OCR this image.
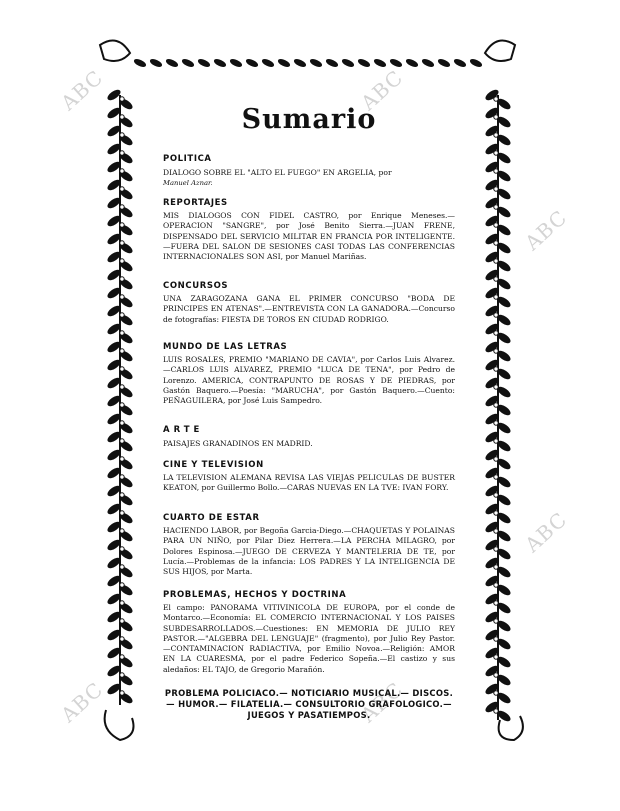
ABC	ABC
ABC
ABC
ABC	ABC
Sumario
POLITICA
DIALOGO SOBRE EL "ALTO EL FUEGO" EN ARGELIA, por
Manuel Aznar.
REPORTAJES
MIS DIALOGOS CON FIDEL CASTRO, por Enrique Meneses.—OPERACION "SANGRE", por José Benito Sierra.—JUAN FRENE, DISPENSADO DEL SERVICIO MILITAR EN FRANCIA POR INTELIGENTE.—FUERA DEL SALON DE SESIONES CASI TODAS LAS CONFERENCIAS INTERNACIONALES SON ASI, por Manuel Mariñas.
CONCURSOS
UNA ZARAGOZANA GANA EL PRIMER CONCURSO "BODA DE PRINCIPES EN ATENAS".—ENTREVISTA CON LA GANADORA.—Concurso de fotografías: FIESTA DE TOROS EN CIUDAD RODRIGO.
MUNDO DE LAS LETRAS
LUIS ROSALES, PREMIO "MARIANO DE CAVIA", por Carlos Luis Alvarez.—CARLOS LUIS ALVAREZ, PREMIO "LUCA DE TENA", por Pedro de Lorenzo. AMERICA, CONTRAPUNTO DE ROSAS Y DE PIEDRAS, por Gastón Baquero.—Poesía: "MARUCHA", por Gastón Baquero.—Cuento: PEÑAGUILERA, por José Luis Sampedro.
ARTE
PAISAJES GRANADINOS EN MADRID.
CINE Y TELEVISION
LA TELEVISION ALEMANA REVISA LAS VIEJAS PELICULAS DE BUSTER KEATON, por Guillermo Bollo.—CARAS NUEVAS EN LA TVE: IVAN FORY.
CUARTO DE ESTAR
HACIENDO LABOR, por Begoña Garcia-Diego.—CHAQUETAS Y POLAINAS PARA UN NIÑO, por Pilar Diez Herrera.—LA PERCHA MILAGRO, por Dolores Espinosa.—JUEGO DE CERVEZA Y MANTELERIA DE TE, por Lucía.—Problemas de la infancia: LOS PADRES Y LA INTELIGENCIA DE SUS HIJOS, por Marta.
PROBLEMAS, HECHOS Y DOCTRINA
El campo: PANORAMA VITIVINICOLA DE EUROPA, por el conde de Montarco.—Economía: EL COMERCIO INTERNACIONAL Y LOS PAISES SUBDESARROLLADOS.—Cuestiones: EN MEMORIA DE JULIO REY PASTOR.—"ALGEBRA DEL LENGUAJE" (fragmento), por Julio Rey Pastor.—CONTAMINACION RADIACTIVA, por Emilio Novoa.—Religión: AMOR EN LA CUARESMA, por el padre Federico Sopeña.—El castizo y sus aledaños: EL TAJO, de Gregorio Marañón.
PROBLEMA POLICIACO.— NOTICIARIO MUSICAL.— DISCOS.— HUMOR.— FILATELIA.— CONSULTORIO GRAFOLOGICO.— JUEGOS Y PASATIEMPOS.
